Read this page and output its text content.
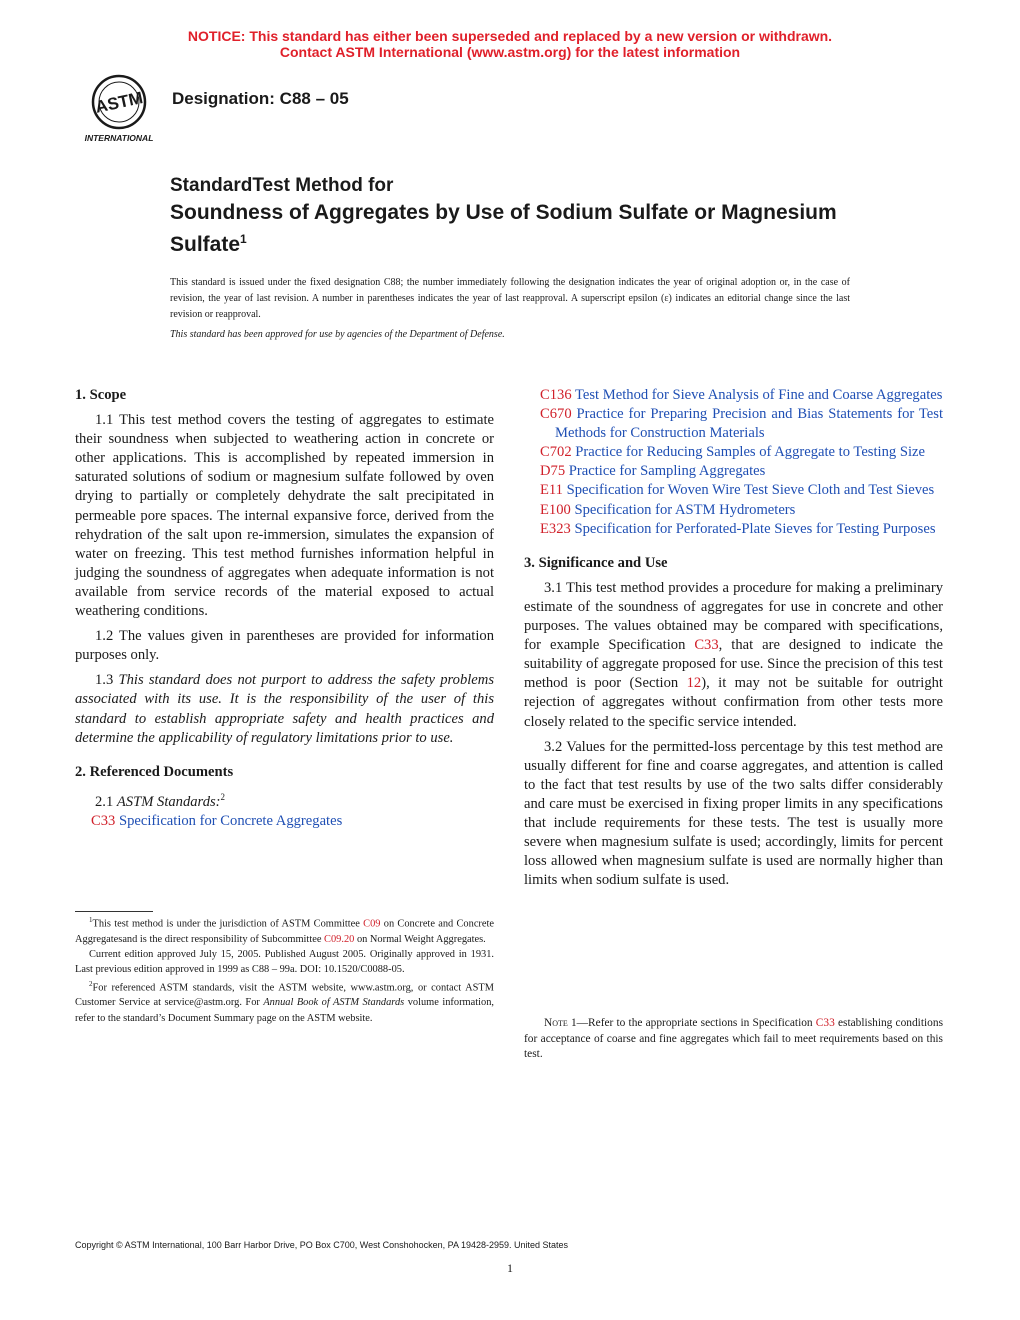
NOTICE: This standard has either been superseded and replaced by a new version or withdrawn.
Contact ASTM International (www.astm.org) for the latest information
ASTM
INTERNATIONAL
Designation: C88 – 05
StandardTest Method for
Soundness of Aggregates by Use of Sodium Sulfate or Magnesium Sulfate$^1$
This standard is issued under the fixed designation C88; the number immediately following the designation indicates the year of original adoption or, in the case of revision, the year of last revision. A number in parentheses indicates the year of last reapproval. A superscript epsilon (ε) indicates an editorial change since the last revision or reapproval.
This standard has been approved for use by agencies of the Department of Defense.
1. Scope

1.1 This test method covers the testing of aggregates to estimate their soundness when subjected to weathering action in concrete or other applications. This is accomplished by repeated immersion in saturated solutions of sodium or magnesium sulfate followed by oven drying to partially or completely dehydrate the salt precipitated in permeable pore spaces. The internal expansive force, derived from the rehydration of the salt upon re-immersion, simulates the expansion of water on freezing. This test method furnishes information helpful in judging the soundness of aggregates when adequate information is not available from service records of the material exposed to actual weathering conditions.

1.2 The values given in parentheses are provided for information purposes only.

1.3 This standard does not purport to address the safety problems associated with its use. It is the responsibility of the user of this standard to establish appropriate safety and health practices and determine the applicability of regulatory limitations prior to use.

2. Referenced Documents

2.1 ASTM Standards:$^2$

C33 Specification for Concrete Aggregates

$^1$This test method is under the jurisdiction of ASTM Committee C09 on Concrete and Concrete Aggregatesand is the direct responsibility of Subcommittee C09.20 on Normal Weight Aggregates.

Current edition approved July 15, 2005. Published August 2005. Originally approved in 1931. Last previous edition approved in 1999 as C88 – 99a. DOI: 10.1520/C0088-05.

$^2$For referenced ASTM standards, visit the ASTM website, www.astm.org, or contact ASTM Customer Service at service@astm.org. For Annual Book of ASTM Standards volume information, refer to the standard’s Document Summary page on the ASTM website.

C136 Test Method for Sieve Analysis of Fine and Coarse Aggregates

C670 Practice for Preparing Precision and Bias Statements for Test Methods for Construction Materials

C702 Practice for Reducing Samples of Aggregate to Testing Size

D75 Practice for Sampling Aggregates

E11 Specification for Woven Wire Test Sieve Cloth and Test Sieves

E100 Specification for ASTM Hydrometers

E323 Specification for Perforated-Plate Sieves for Testing Purposes

3. Significance and Use

3.1 This test method provides a procedure for making a preliminary estimate of the soundness of aggregates for use in concrete and other purposes. The values obtained may be compared with specifications, for example Specification C33, that are designed to indicate the suitability of aggregate proposed for use. Since the precision of this test method is poor (Section 12), it may not be suitable for outright rejection of aggregates without confirmation from other tests more closely related to the specific service intended.

3.2 Values for the permitted-loss percentage by this test method are usually different for fine and coarse aggregates, and attention is called to the fact that test results by use of the two salts differ considerably and care must be exercised in fixing proper limits in any specifications that include requirements for these tests. The test is usually more severe when magnesium sulfate is used; accordingly, limits for percent loss allowed when magnesium sulfate is used are normally higher than limits when sodium sulfate is used.

Note 1—Refer to the appropriate sections in Specification C33 establishing conditions for acceptance of coarse and fine aggregates which fail to meet requirements based on this test.

Copyright © ASTM International, 100 Barr Harbor Drive, PO Box C700, West Conshohocken, PA 19428-2959. United States
1
